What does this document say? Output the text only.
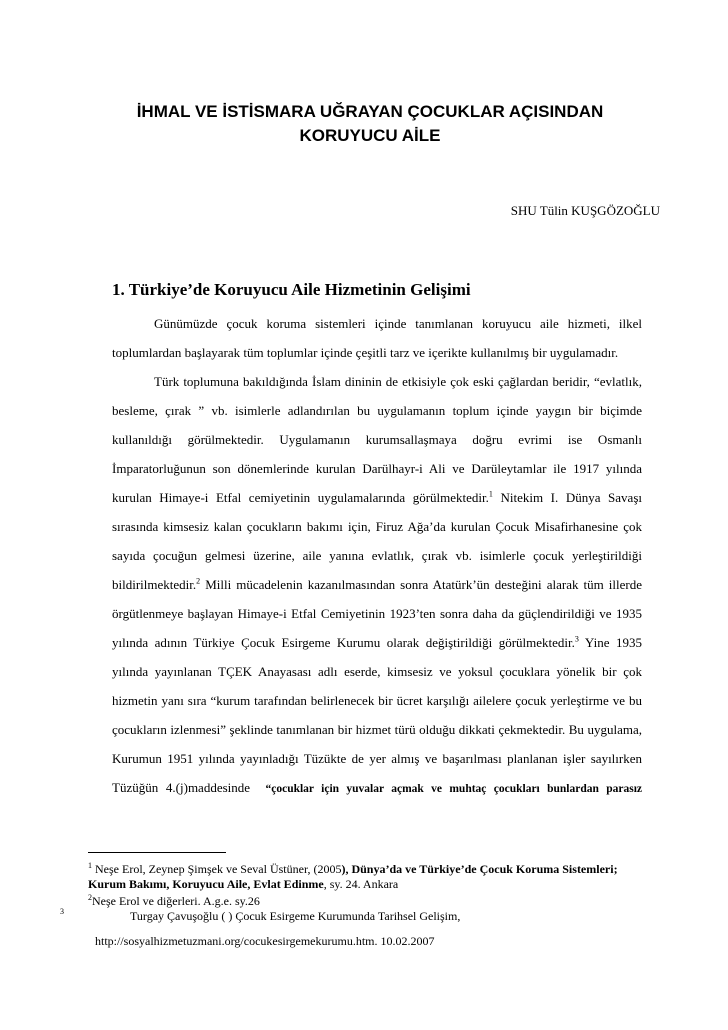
İHMAL VE İSTİSMARA UĞRAYAN ÇOCUKLAR AÇISINDAN
KORUYUCU AİLE
SHU Tülin KUŞGÖZOĞLU
1. Türkiye’de Koruyucu Aile Hizmetinin Gelişimi

Günümüzde çocuk koruma sistemleri içinde tanımlanan koruyucu aile hizmeti, ilkel toplumlardan başlayarak tüm toplumlar içinde çeşitli tarz ve içerikte kullanılmış bir uygulamadır.

Türk toplumuna bakıldığında İslam dininin de etkisiyle çok eski çağlardan beridir, “evlatlık, besleme, çırak ” vb. isimlerle adlandırılan bu uygulamanın toplum içinde yaygın bir biçimde kullanıldığı görülmektedir. Uygulamanın kurumsallaşmaya doğru evrimi ise Osmanlı İmparatorluğunun son dönemlerinde kurulan Darülhayr-i Ali ve Darüleytamlar ile 1917 yılında kurulan Himaye-i Etfal cemiyetinin uygulamalarında görülmektedir.$^1$ Nitekim I. Dünya Savaşı sırasında kimsesiz kalan çocukların bakımı için, Firuz Ağa’da kurulan Çocuk Misafirhanesine çok sayıda çocuğun gelmesi üzerine, aile yanına evlatlık, çırak vb. isimlerle çocuk yerleştirildiği bildirilmektedir.$^2$ Milli mücadelenin kazanılmasından sonra Atatürk’ün desteğini alarak tüm illerde örgütlenmeye başlayan Himaye-i Etfal Cemiyetinin 1923’ten sonra daha da güçlendirildiği ve 1935 yılında adının Türkiye Çocuk Esirgeme Kurumu olarak değiştirildiği görülmektedir.$^3$ Yine 1935 yılında yayınlanan TÇEK Anayasası adlı eserde, kimsesiz ve yoksul çocuklara yönelik bir çok hizmetin yanı sıra “kurum tarafından belirlenecek bir ücret karşılığı ailelere çocuk yerleştirme ve bu çocukların izlenmesi” şeklinde tanımlanan bir hizmet türü olduğu dikkati çekmektedir. Bu uygulama, Kurumun 1951 yılında yayınladığı Tüzükte de yer almış ve başarılması planlanan işler sayılırken Tüzüğün 4.(j)maddesinde “çocuklar için yuvalar açmak ve muhtaç çocukları bunlardan parasız

$^1$ Neşe Erol, Zeynep Şimşek ve Seval Üstüner, (2005), Dünya’da ve Türkiye’de Çocuk Koruma Sistemleri;
Kurum Bakımı, Koruyucu Aile, Evlat Edinme, sy. 24. Ankara
$^2$Neşe Erol ve diğerleri. A.g.e. sy.26
$^3$	Turgay Çavuşoğlu ( ) Çocuk Esirgeme Kurumunda Tarihsel Gelişim,
http://sosyalhizmetuzmani.org/cocukesirgemekurumu.htm. 10.02.2007
